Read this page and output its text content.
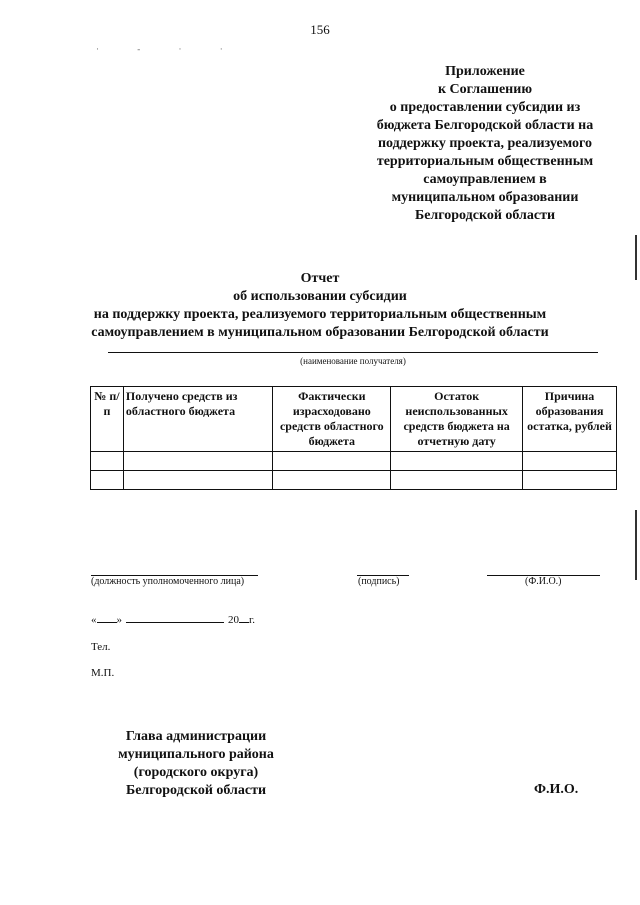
156
· - · ·
Приложение
к Соглашению
о предоставлении субсидии из
бюджета Белгородской области на
поддержку проекта, реализуемого
территориальным общественным
самоуправлением в
муниципальном образовании
Белгородской области
Отчет
об использовании субсидии
на поддержку проекта, реализуемого территориальным общественным
самоуправлением в муниципальном образовании Белгородской области
(наименование получателя)
№ п/п	Получено средств из областного бюджета	Фактически израсходовано средств областного бюджета	Остаток неиспользованных средств бюджета на отчетную дату	Причина образования остатка, рублей

(должность уполномоченного лица)	(подпись)	(Ф.И.О.)
« »	20 г.
Тел.
М.П.
Глава администрации
муниципального района
(городского округа)
Белгородской области	Ф.И.О.
